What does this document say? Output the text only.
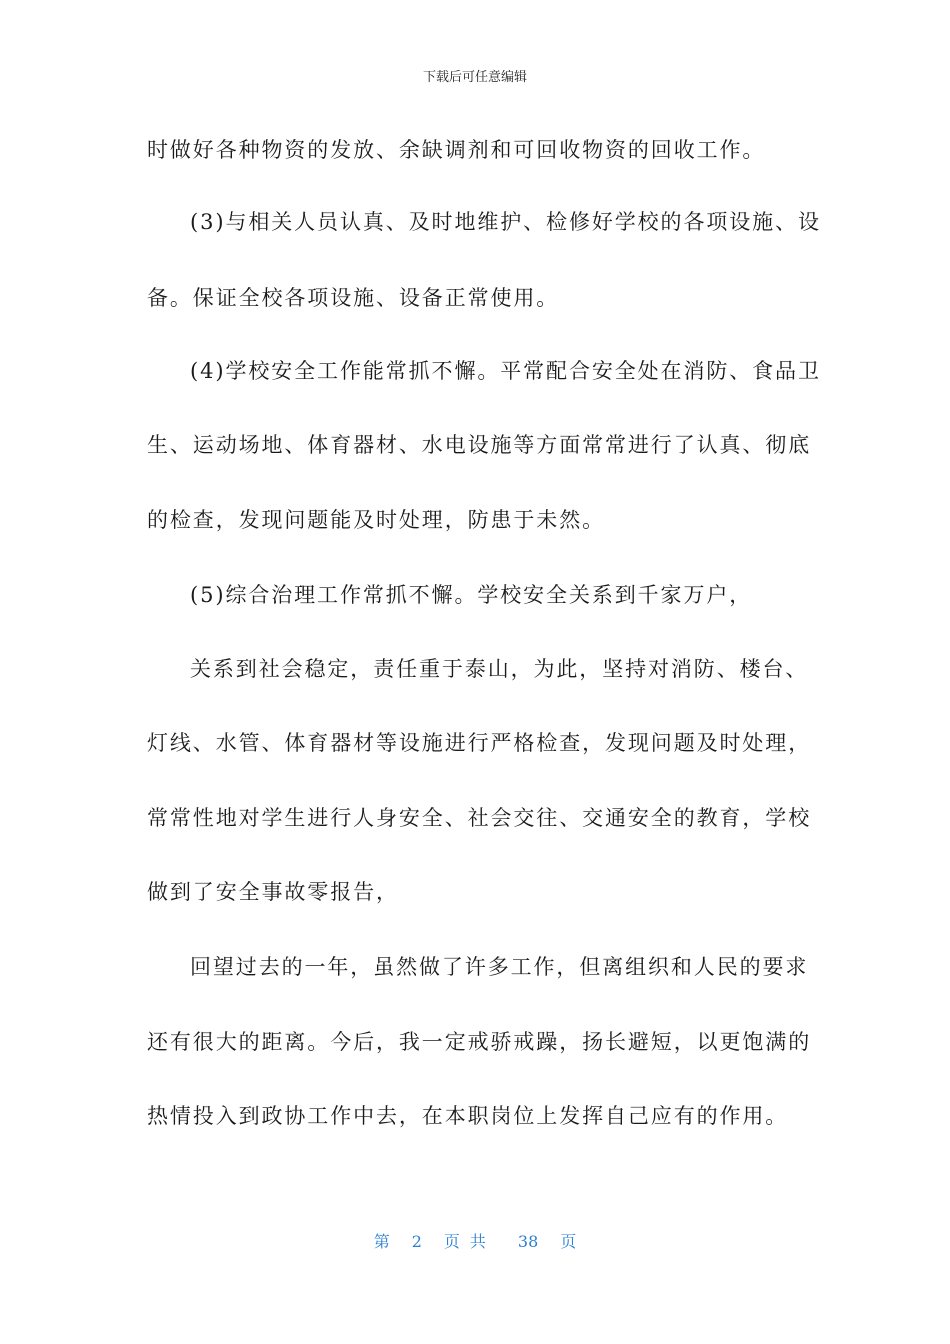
下载后可任意编辑
时做好各种物资的发放、余缺调剂和可回收物资的回收工作。
(3)与相关人员认真、及时地维护、检修好学校的各项设施、设
备。保证全校各项设施、设备正常使用。
(4)学校安全工作能常抓不懈。平常配合安全处在消防、食品卫
生、运动场地、体育器材、水电设施等方面常常进行了认真、彻底
的检查，发现问题能及时处理，防患于未然。
(5)综合治理工作常抓不懈。学校安全关系到千家万户，
关系到社会稳定，责任重于泰山，为此，坚持对消防、楼台、
灯线、水管、体育器材等设施进行严格检查，发现问题及时处理，
常常性地对学生进行人身安全、社会交往、交通安全的教育，学校
做到了安全事故零报告，
回望过去的一年，虽然做了许多工作，但离组织和人民的要求
还有很大的距离。今后，我一定戒骄戒躁，扬长避短，以更饱满的
热情投入到政协工作中去，在本职岗位上发挥自己应有的作用。
第 2 页共 38 页
